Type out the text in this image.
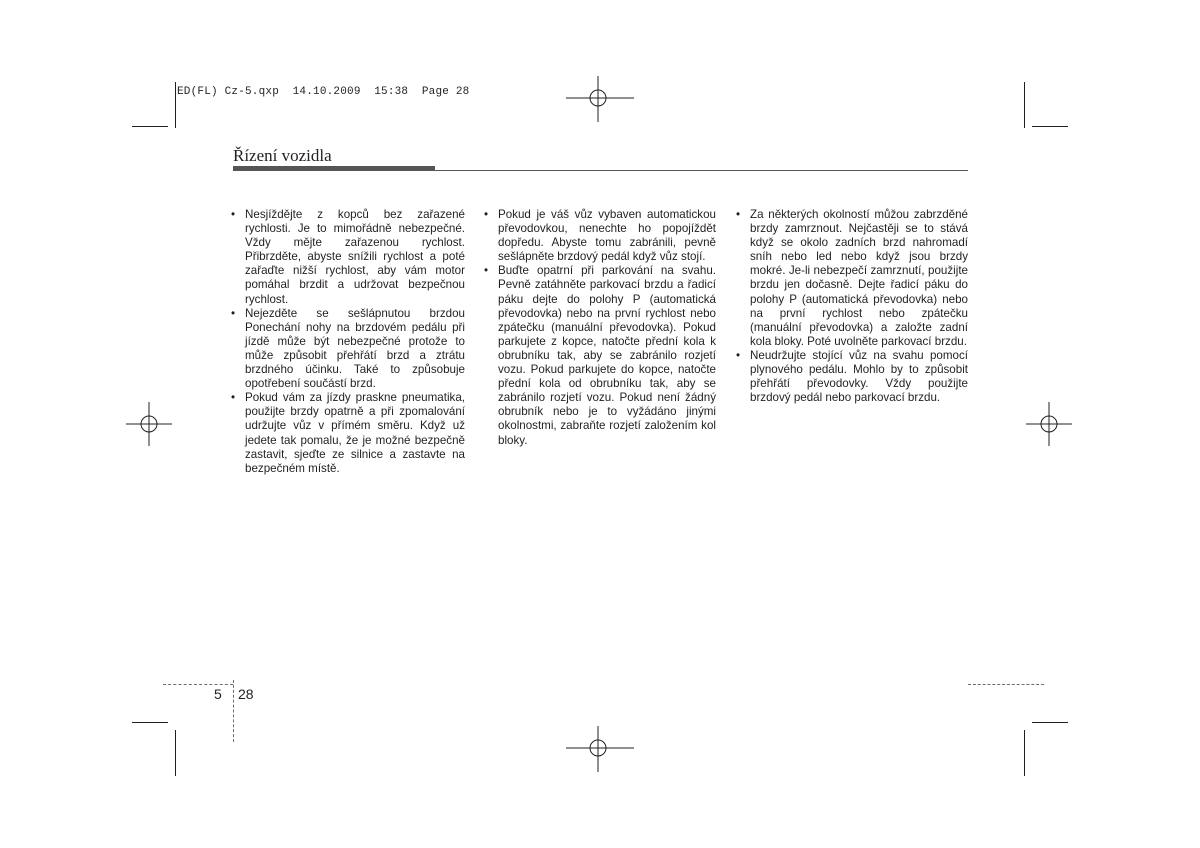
ED(FL) Cz-5.qxp  14.10.2009  15:38  Page 28
Řízení vozidla

• Nesjíždějte z kopců bez zařazené rychlosti. Je to mimořádně nebezpečné. Vždy mějte zařazenou rychlost. Přibrzděte, abyste snížili rychlost a poté zařaďte nižší rychlost, aby vám motor pomáhal brzdit a udržovat bezpečnou rychlost.

• Nejezděte se sešlápnutou brzdou Ponechání nohy na brzdovém pedálu při jízdě může být nebezpečné protože to může způsobit přehřátí brzd a ztrátu brzdného účinku. Také to způsobuje opotřebení součástí brzd.

• Pokud vám za jízdy praskne pneumatika, použijte brzdy opatrně a při zpomalování udržujte vůz v přímém směru. Když už jedete tak pomalu, že je možné bezpečně zastavit, sjeďte ze silnice a zastavte na bezpečném místě.

• Pokud je váš vůz vybaven automatickou převodovkou, nenechte ho popojíždět dopředu. Abyste tomu zabránili, pevně sešlápněte brzdový pedál když vůz stojí.

• Buďte opatrní při parkování na svahu. Pevně zatáhněte parkovací brzdu a řadicí páku dejte do polohy P (automatická převodovka) nebo na první rychlost nebo zpátečku (manuální převodovka). Pokud parkujete z kopce, natočte přední kola k obrubníku tak, aby se zabránilo rozjetí vozu. Pokud parkujete do kopce, natočte přední kola od obrubníku tak, aby se zabránilo rozjetí vozu. Pokud není žádný obrubník nebo je to vyžádáno jinými okolnostmi, zabraňte rozjetí založením kol bloky.

• Za některých okolností můžou zabrzděné brzdy zamrznout. Nejčastěji se to stává když se okolo zadních brzd nahromadí sníh nebo led nebo když jsou brzdy mokré. Je-li nebezpečí zamrznutí, použijte brzdu jen dočasně. Dejte řadicí páku do polohy P (automatická převodovka) nebo na první rychlost nebo zpátečku (manuální převodovka) a založte zadní kola bloky. Poté uvolněte parkovací brzdu.

• Neudržujte stojící vůz na svahu pomocí plynového pedálu. Mohlo by to způsobit přehřátí převodovky. Vždy použijte brzdový pedál nebo parkovací brzdu.

5 28
